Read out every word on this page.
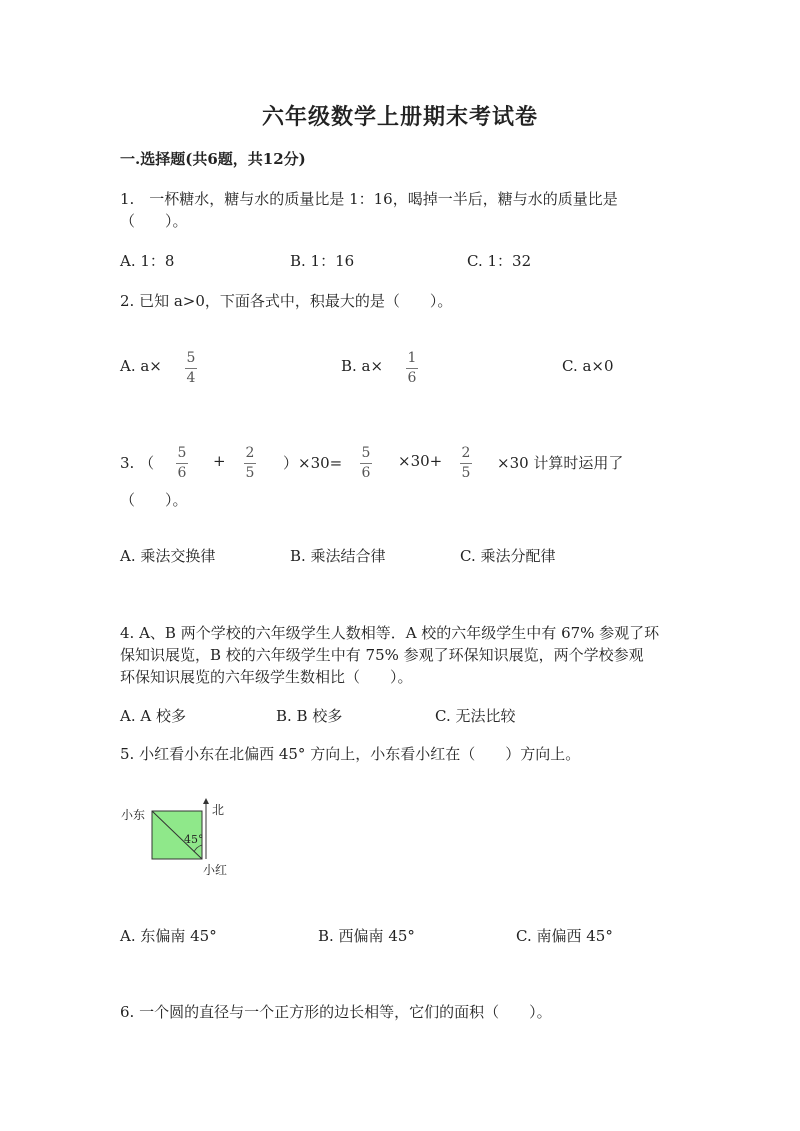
六年级数学上册期末考试卷
一.选择题(共6题，共12分)
1.　一杯糖水，糖与水的质量比是 1：16，喝掉一半后，糖与水的质量比是
（　　）。
A. 1：8	B. 1：16	C. 1：32
2. 已知 a>0，下面各式中，积最大的是（　　）。
A. a× 5
4
B. a× 1
6
C. a×0
3. （
5
6
+ 2
5
）×30=
5
6
×30+ 2
5
×30 计算时运用了
（　　）。
A. 乘法交换律	B. 乘法结合律	C. 乘法分配律
4. A、B 两个学校的六年级学生人数相等．A 校的六年级学生中有 67% 参观了环
保知识展览，B 校的六年级学生中有 75% 参观了环保知识展览，两个学校参观
环保知识展览的六年级学生数相比（　　）。
A. A 校多	B. B 校多	C. 无法比较
5. 小红看小东在北偏西 45° 方向上，小东看小红在（　　）方向上。
小东	北
45°
小红
A. 东偏南 45°	B. 西偏南 45°	C. 南偏西 45°
6. 一个圆的直径与一个正方形的边长相等，它们的面积（　　）。
